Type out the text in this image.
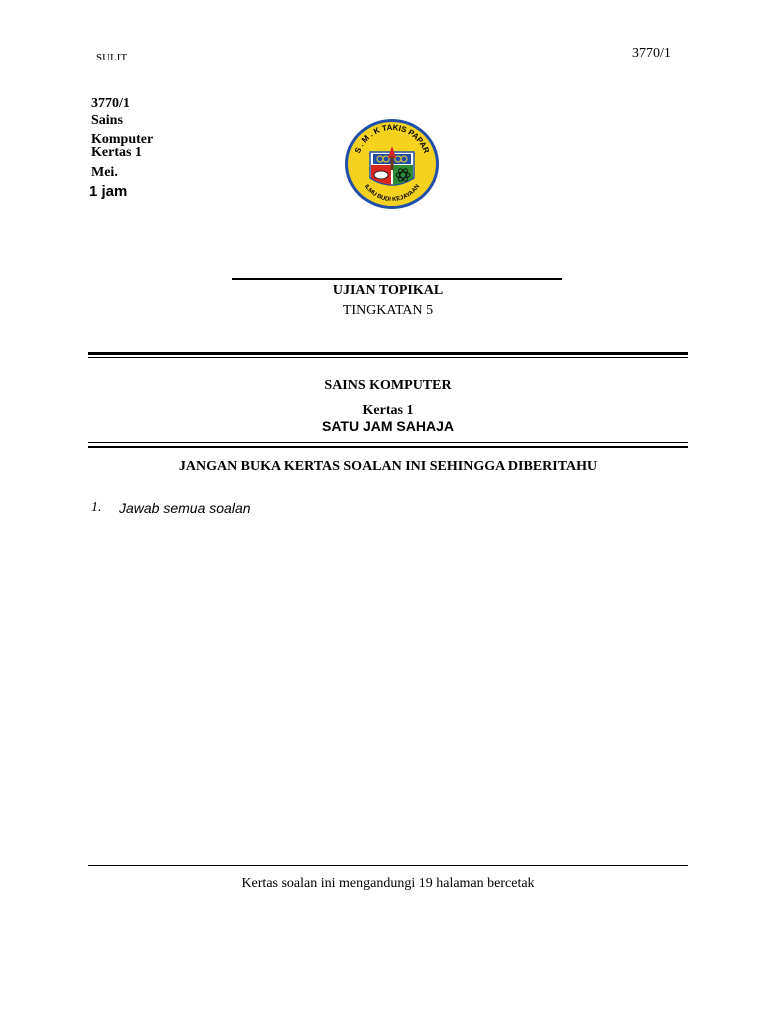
SULIT	3770/1
3770/1
Sains
Komputer
Kertas 1
Mei.
1 jam
S . M . K TAKIS PAPAR
ILMU BUDI KEJAYAAN
UJIAN TOPIKAL
TINGKATAN 5
SAINS KOMPUTER
Kertas 1
SATU JAM SAHAJA
JANGAN BUKA KERTAS SOALAN INI SEHINGGA DIBERITAHU
1. Jawab semua soalan
Kertas soalan ini mengandungi 19 halaman bercetak
